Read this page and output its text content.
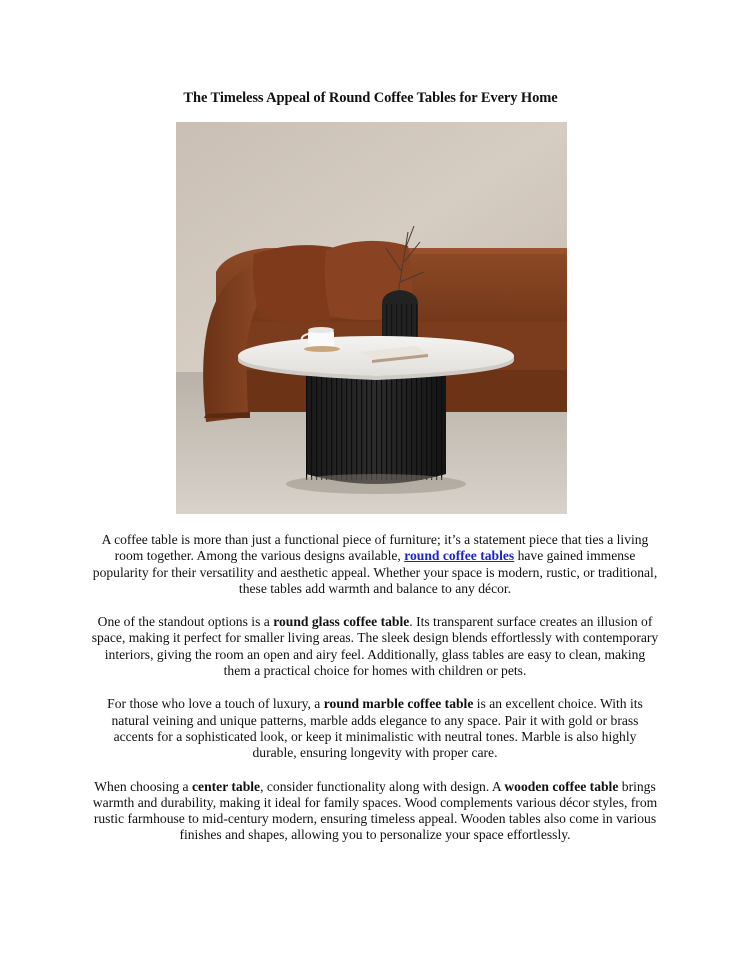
The Timeless Appeal of Round Coffee Tables for Every Home

A coffee table is more than just a functional piece of furniture; it’s a statement piece that ties a living room together. Among the various designs available, round coffee tables have gained immense popularity for their versatility and aesthetic appeal. Whether your space is modern, rustic, or traditional, these tables add warmth and balance to any décor.

One of the standout options is a round glass coffee table. Its transparent surface creates an illusion of space, making it perfect for smaller living areas. The sleek design blends effortlessly with contemporary interiors, giving the room an open and airy feel. Additionally, glass tables are easy to clean, making them a practical choice for homes with children or pets.

For those who love a touch of luxury, a round marble coffee table is an excellent choice. With its natural veining and unique patterns, marble adds elegance to any space. Pair it with gold or brass accents for a sophisticated look, or keep it minimalistic with neutral tones. Marble is also highly durable, ensuring longevity with proper care.

When choosing a center table, consider functionality along with design. A wooden coffee table brings warmth and durability, making it ideal for family spaces. Wood complements various décor styles, from rustic farmhouse to mid-century modern, ensuring timeless appeal. Wooden tables also come in various finishes and shapes, allowing you to personalize your space effortlessly.
